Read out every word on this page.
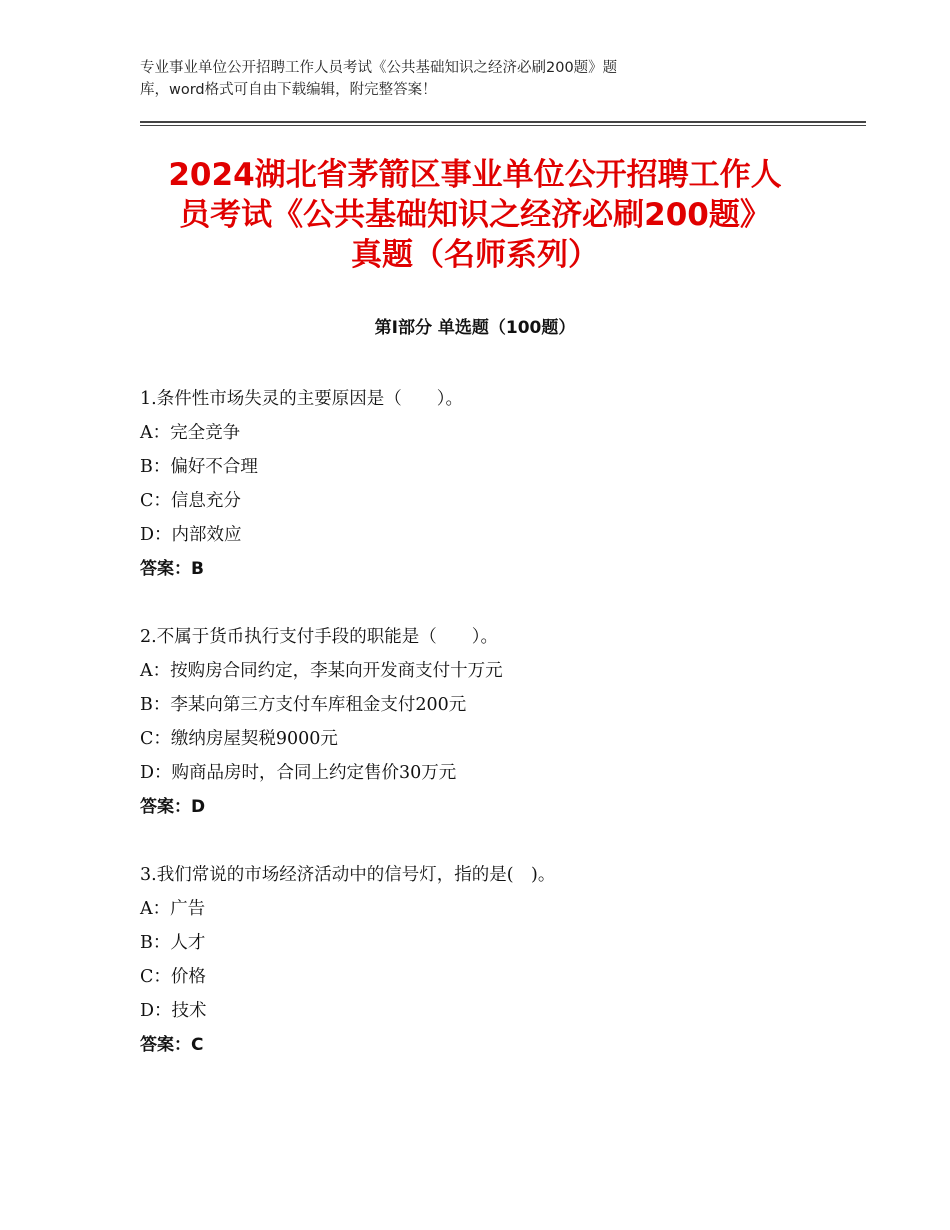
专业事业单位公开招聘工作人员考试《公共基础知识之经济必刷200题》题
库，word格式可自由下载编辑，附完整答案！
2024湖北省茅箭区事业单位公开招聘工作人
员考试《公共基础知识之经济必刷200题》
真题（名师系列）
第Ⅰ部分 单选题（100题）
1.条件性市场失灵的主要原因是（　　）。
A：完全竞争
B：偏好不合理
C：信息充分
D：内部效应
答案：B
2.不属于货币执行支付手段的职能是（　　）。
A：按购房合同约定，李某向开发商支付十万元
B：李某向第三方支付车库租金支付200元
C：缴纳房屋契税9000元
D：购商品房时，合同上约定售价30万元
答案：D
3.我们常说的市场经济活动中的信号灯，指的是(　)。
A：广告
B：人才
C：价格
D：技术
答案：C
